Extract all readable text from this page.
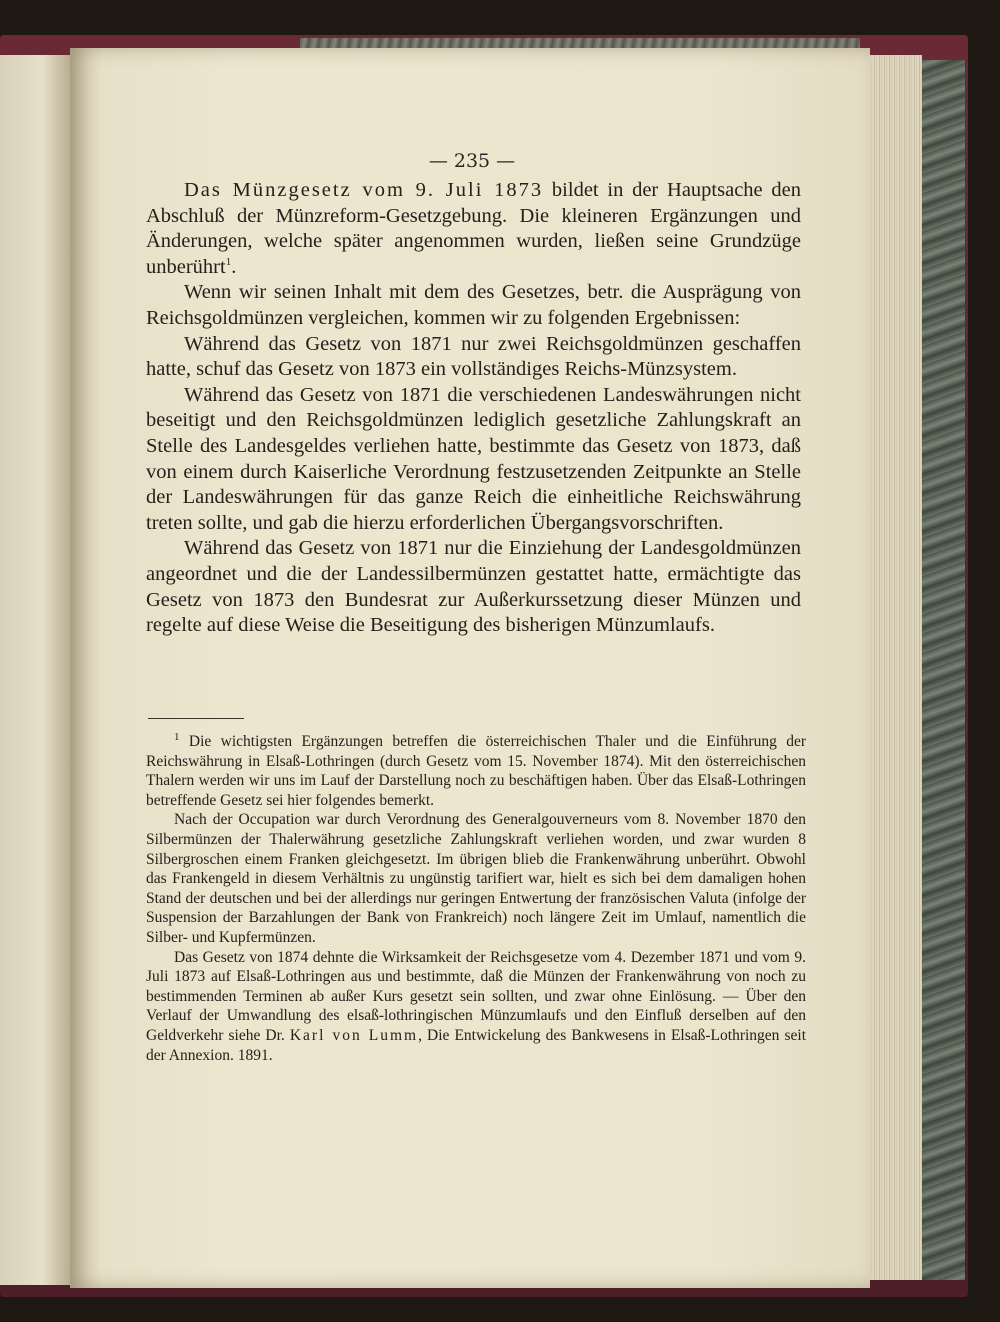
— 235 —

Das Münzgesetz vom 9. Juli 1873 bildet in der Hauptsache den Abschluß der Münzreform-Gesetzgebung. Die kleineren Ergänzungen und Änderungen, welche später angenommen wurden, ließen seine Grundzüge unberührt$^1$.

Wenn wir seinen Inhalt mit dem des Gesetzes, betr. die Ausprägung von Reichsgoldmünzen vergleichen, kommen wir zu folgenden Ergebnissen:

Während das Gesetz von 1871 nur zwei Reichsgoldmünzen geschaffen hatte, schuf das Gesetz von 1873 ein vollständiges Reichs-Münzsystem.

Während das Gesetz von 1871 die verschiedenen Landeswährungen nicht beseitigt und den Reichsgoldmünzen lediglich gesetzliche Zahlungskraft an Stelle des Landesgeldes verliehen hatte, bestimmte das Gesetz von 1873, daß von einem durch Kaiserliche Verordnung festzusetzenden Zeitpunkte an Stelle der Landeswährungen für das ganze Reich die einheitliche Reichswährung treten sollte, und gab die hierzu erforderlichen Übergangsvorschriften.

Während das Gesetz von 1871 nur die Einziehung der Landesgoldmünzen angeordnet und die der Landessilbermünzen gestattet hatte, ermächtigte das Gesetz von 1873 den Bundesrat zur Außerkurssetzung dieser Münzen und regelte auf diese Weise die Beseitigung des bisherigen Münzumlaufs.

$^1$ Die wichtigsten Ergänzungen betreffen die österreichischen Thaler und die Einführung der Reichswährung in Elsaß-Lothringen (durch Gesetz vom 15. November 1874). Mit den österreichischen Thalern werden wir uns im Lauf der Darstellung noch zu beschäftigen haben. Über das Elsaß-Lothringen betreffende Gesetz sei hier folgendes bemerkt.

Nach der Occupation war durch Verordnung des Generalgouverneurs vom 8. November 1870 den Silbermünzen der Thalerwährung gesetzliche Zahlungskraft verliehen worden, und zwar wurden 8 Silbergroschen einem Franken gleichgesetzt. Im übrigen blieb die Frankenwährung unberührt. Obwohl das Frankengeld in diesem Verhältnis zu ungünstig tarifiert war, hielt es sich bei dem damaligen hohen Stand der deutschen und bei der allerdings nur geringen Entwertung der französischen Valuta (infolge der Suspension der Barzahlungen der Bank von Frankreich) noch längere Zeit im Umlauf, namentlich die Silber- und Kupfermünzen.

Das Gesetz von 1874 dehnte die Wirksamkeit der Reichsgesetze vom 4. Dezember 1871 und vom 9. Juli 1873 auf Elsaß-Lothringen aus und bestimmte, daß die Münzen der Frankenwährung von noch zu bestimmenden Terminen ab außer Kurs gesetzt sein sollten, und zwar ohne Einlösung. — Über den Verlauf der Umwandlung des elsaß-lothringischen Münzumlaufs und den Einfluß derselben auf den Geldverkehr siehe Dr. Karl von Lumm, Die Entwickelung des Bankwesens in Elsaß-Lothringen seit der Annexion. 1891.
